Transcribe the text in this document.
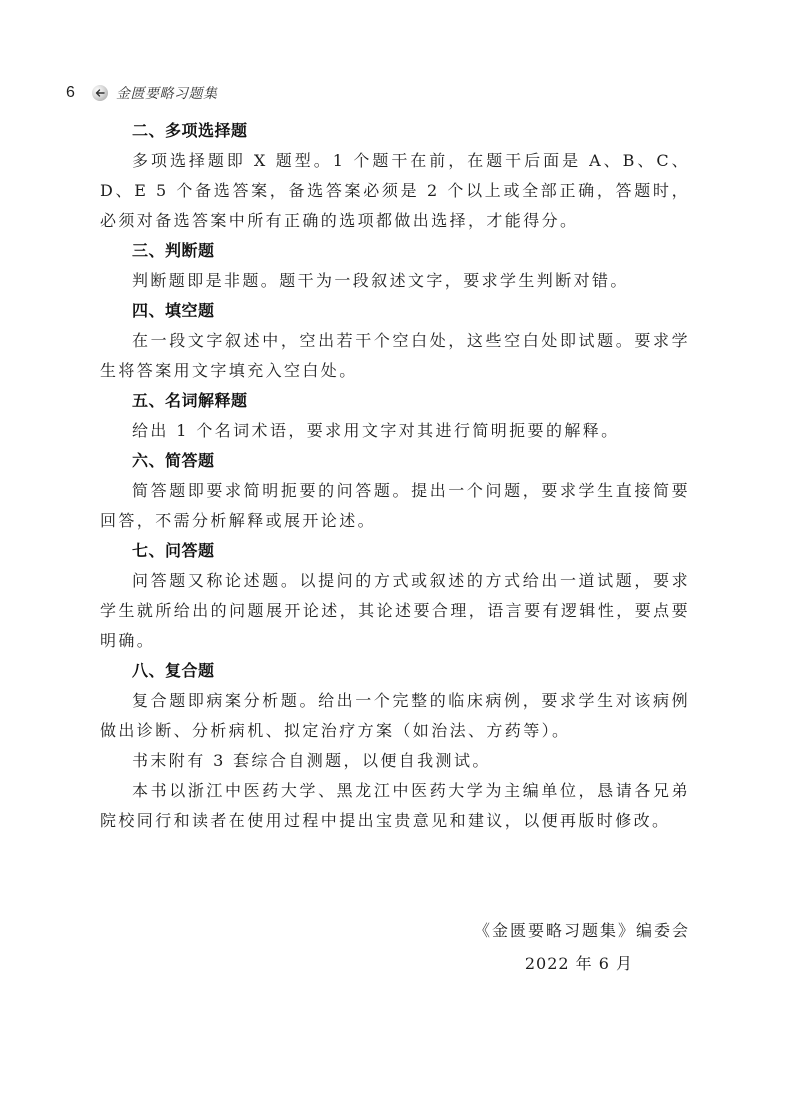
6	金匮要略习题集
二、多项选择题

多项选择题即 X 题型。1 个题干在前，在题干后面是 A、B、C、D、E 5 个备选答案，备选答案必须是 2 个以上或全部正确，答题时，必须对备选答案中所有正确的选项都做出选择，才能得分。

三、判断题

判断题即是非题。题干为一段叙述文字，要求学生判断对错。

四、填空题

在一段文字叙述中，空出若干个空白处，这些空白处即试题。要求学生将答案用文字填充入空白处。

五、名词解释题

给出 1 个名词术语，要求用文字对其进行简明扼要的解释。

六、简答题

简答题即要求简明扼要的问答题。提出一个问题，要求学生直接简要回答，不需分析解释或展开论述。

七、问答题

问答题又称论述题。以提问的方式或叙述的方式给出一道试题，要求学生就所给出的问题展开论述，其论述要合理，语言要有逻辑性，要点要明确。

八、复合题

复合题即病案分析题。给出一个完整的临床病例，要求学生对该病例做出诊断、分析病机、拟定治疗方案（如治法、方药等）。

书末附有 3 套综合自测题，以便自我测试。

本书以浙江中医药大学、黑龙江中医药大学为主编单位，恳请各兄弟院校同行和读者在使用过程中提出宝贵意见和建议，以便再版时修改。

《金匮要略习题集》编委会
2022 年 6 月
